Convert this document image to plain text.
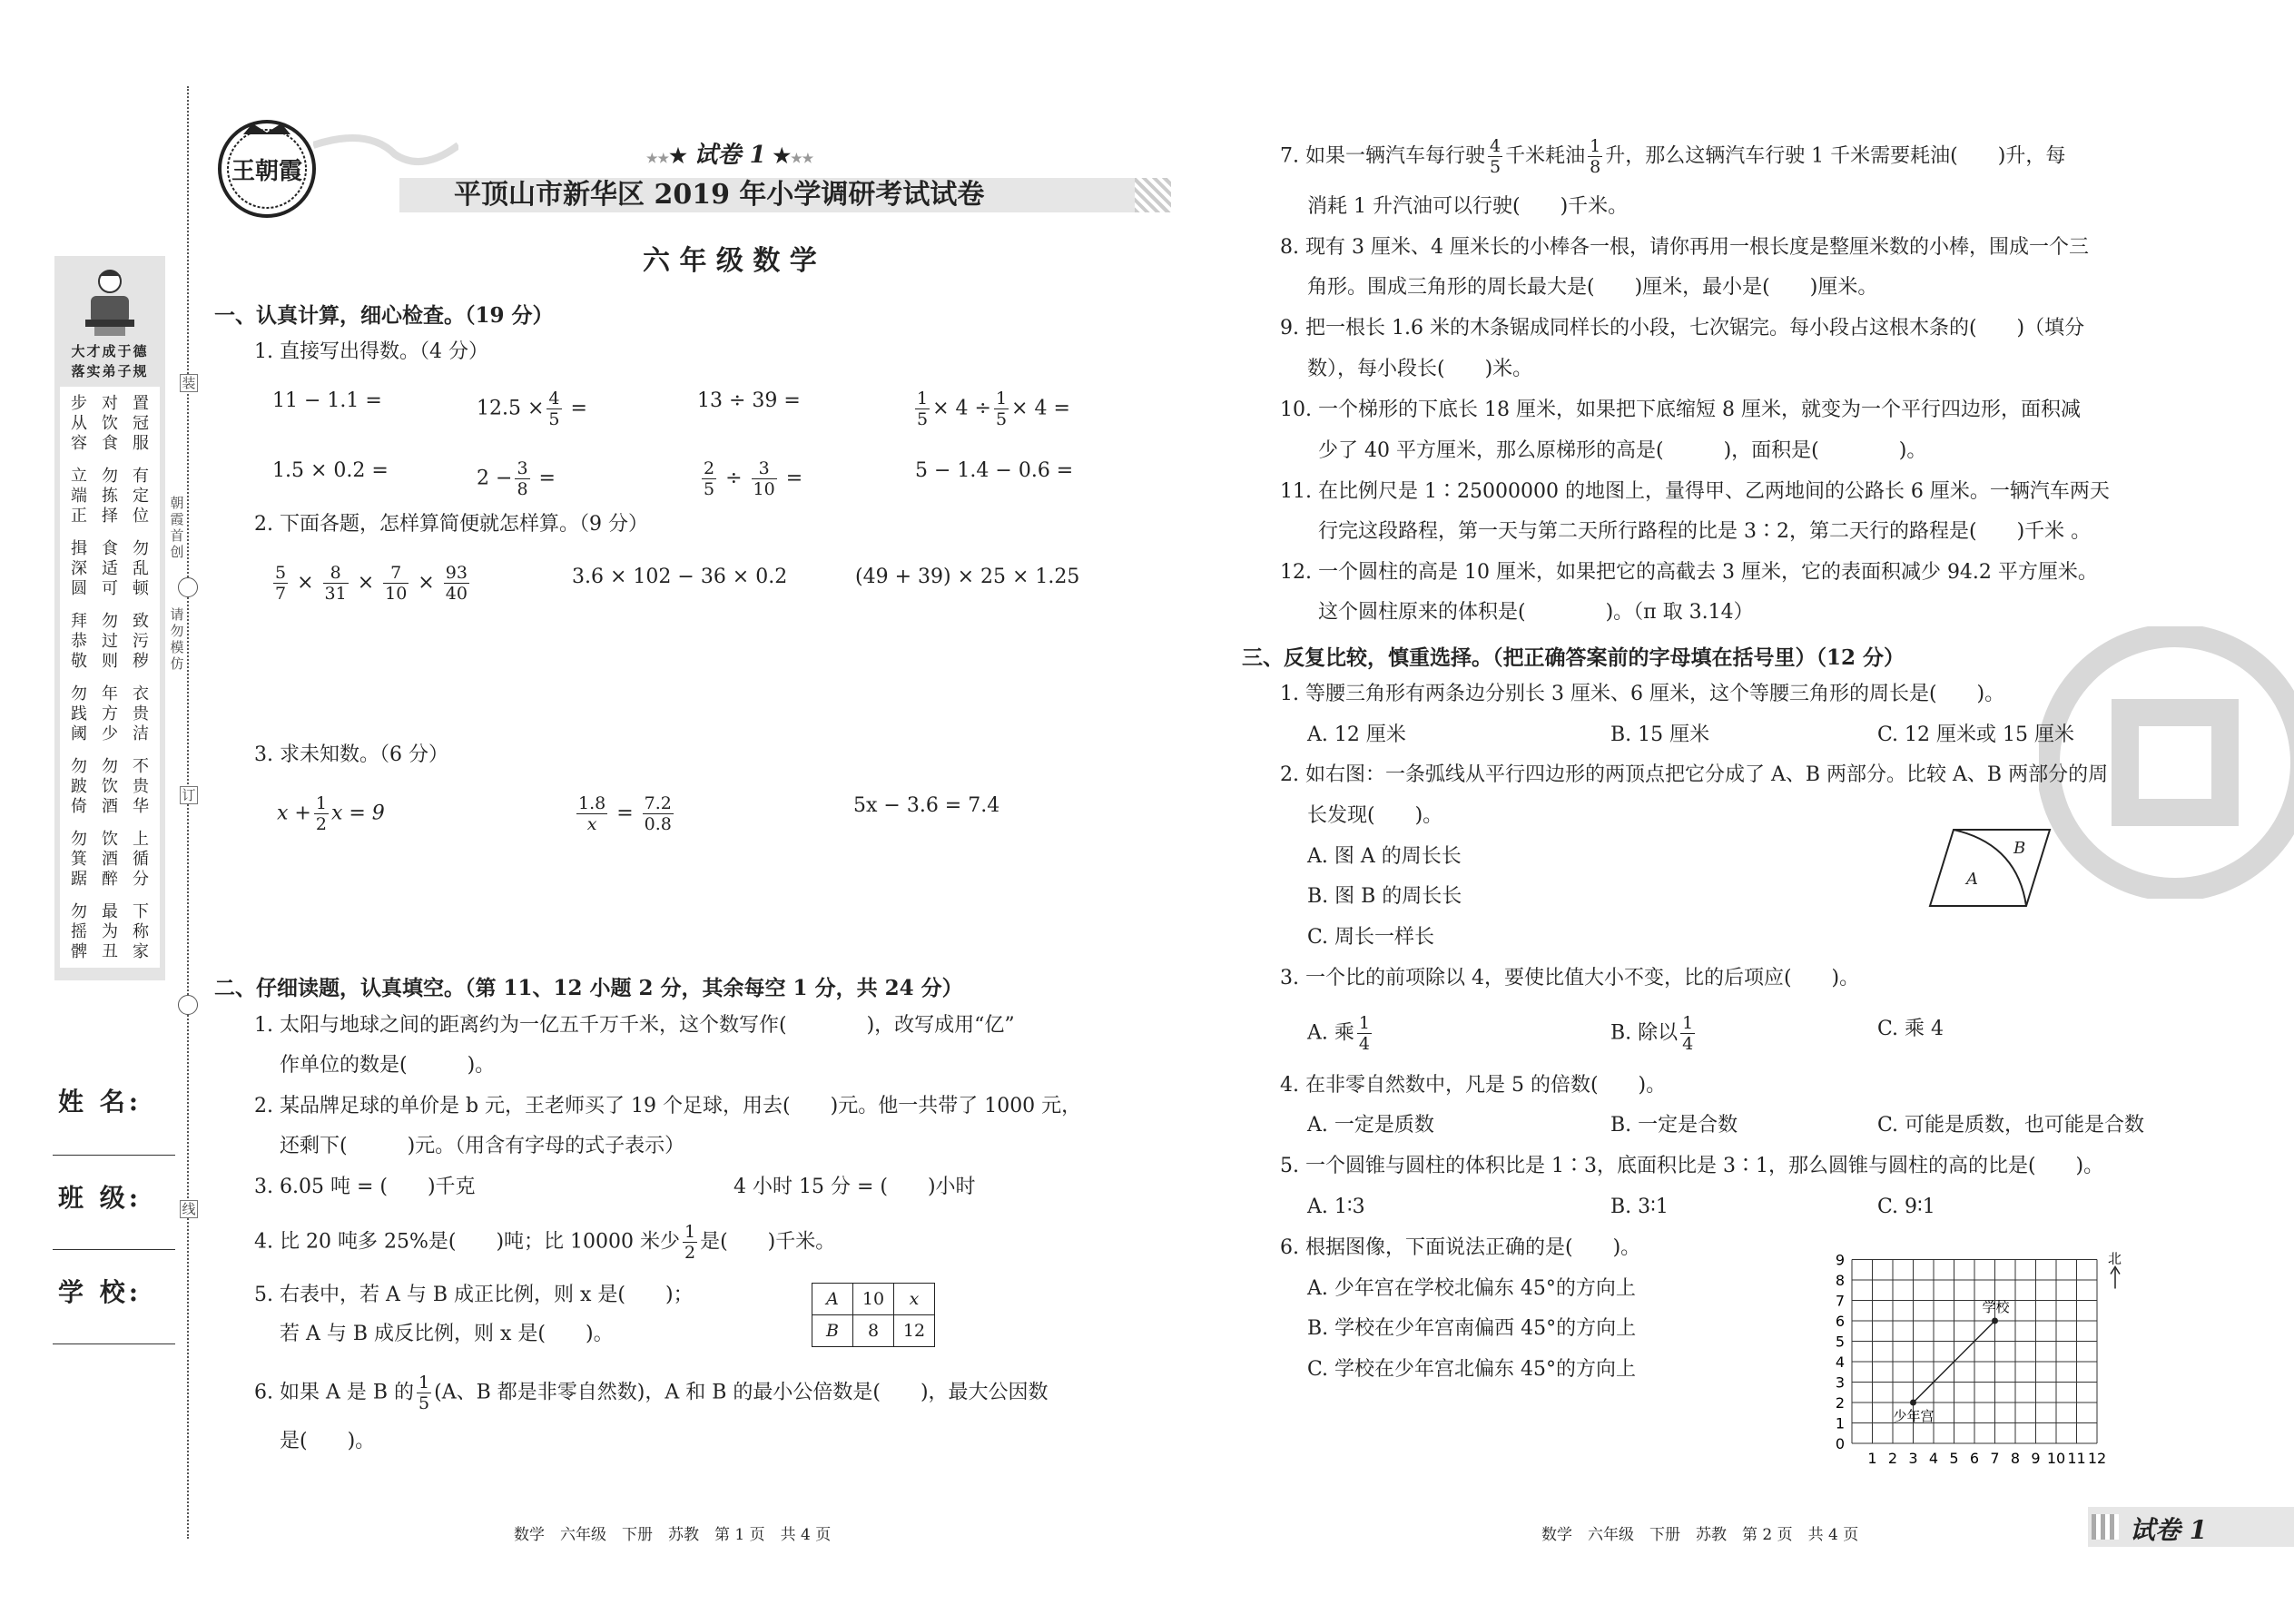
大才成于德
落实弟子规
步从容
立端正
揖深圆
拜恭敬
勿践阈
勿跛倚
勿箕踞
勿摇髀
对饮食
勿拣择
食适可
勿过则
年方少
勿饮酒
饮酒醉
最为丑
置冠服
有定位
勿乱顿
致污秽
衣贵洁
不贵华
上循分
下称家
装
朝霞首创
请勿模仿
订
线
姓 名:
班 级:
学 校:
王朝霞	★★★ 试卷 1 ★★★
平顶山市新华区 2019 年小学调研考试试卷
六 年 级 数 学
一、认真计算，细心检查。（19 分）
1. 直接写出得数。（4 分）
11 − 1.1 =	$12.5 \times \frac{4}{5}$ =	13 ÷ 39 =	$\frac{1}{5} \times 4 \div \frac{1}{5} \times 4$ =
1.5 × 0.2 =	$2 - \frac{3}{8}$ =	$\frac{2}{5} \div \frac{3}{10}$ =	5 − 1.4 − 0.6 =
2. 下面各题，怎样算简便就怎样算。（9 分）
$\frac{5}{7} \times \frac{8}{31} \times \frac{7}{10} \times \frac{93}{40}$	3.6 × 102 − 36 × 0.2	(49 + 39) × 25 × 1.25
3. 求未知数。（6 分）
$x + \frac{1}{2}$ x = 9	$\frac{1.8}{x} = \frac{7.2}{0.8}$	5x − 3.6 = 7.4
二、仔细读题，认真填空。（第 11、12 小题 2 分，其余每空 1 分，共 24 分）
1. 太阳与地球之间的距离约为一亿五千万千米，这个数写作(　　　　)，改写成用“亿”
作单位的数是(　　　)。
2. 某品牌足球的单价是 b 元，王老师买了 19 个足球，用去(　　)元。他一共带了 1000 元，
还剩下(　　　)元。（用含有字母的式子表示）
3. 6.05 吨 = (　　)千克	4 小时 15 分 = (　　)小时
4. 比 20 吨多 25%是(　　)吨；比 10000 米少 $\frac{1}{2}$ 是(　　)千米。
5. 右表中，若 A 与 B 成正比例，则 x 是(　　)；
若 A 与 B 成反比例，则 x 是(　　)。
A	10	x
B	8	12
6. 如果 A 是 B 的 $\frac{1}{5} (A$、B 都是非零自然数)，A 和 B 的最小公倍数是(　　)，最大公因数
是(　　)。
数学　六年级　下册　苏教　第 1 页　共 4 页
7. 如果一辆汽车每行驶 $\frac{4}{5}$ 千米耗油 $\frac{1}{8}$ 升，那么这辆汽车行驶 1 千米需要耗油(　　)升，每
消耗 1 升汽油可以行驶(　　)千米。
8. 现有 3 厘米、4 厘米长的小棒各一根，请你再用一根长度是整厘米数的小棒，围成一个三
角形。围成三角形的周长最大是(　　)厘米，最小是(　　)厘米。
9. 把一根长 1.6 米的木条锯成同样长的小段，七次锯完。每小段占这根木条的(　　)（填分
数），每小段长(　　)米。
10. 一个梯形的下底长 18 厘米，如果把下底缩短 8 厘米，就变为一个平行四边形，面积减
少了 40 平方厘米，那么原梯形的高是(　　　)，面积是(　　　　)。
11. 在比例尺是 1∶25000000 的地图上，量得甲、乙两地间的公路长 6 厘米。一辆汽车两天
行完这段路程，第一天与第二天所行路程的比是 3∶2，第二天行的路程是(　　)千米 。
12. 一个圆柱的高是 10 厘米，如果把它的高截去 3 厘米，它的表面积减少 94.2 平方厘米。
这个圆柱原来的体积是(　　　　)。（π 取 3.14）
三、反复比较，慎重选择。（把正确答案前的字母填在括号里）（12 分）
1. 等腰三角形有两条边分别长 3 厘米、6 厘米，这个等腰三角形的周长是(　　)。
A. 12 厘米	B. 15 厘米	C. 12 厘米或 15 厘米
2. 如右图：一条弧线从平行四边形的两顶点把它分成了 A、B 两部分。比较 A、B 两部分的周
长发现(　　)。
A. 图 A 的周长长
B. 图 B 的周长长
C. 周长一样长
A
B
3. 一个比的前项除以 4，要使比值大小不变，比的后项应(　　)。
A. 乘 $\frac{1}{4}$	B. 除以 $\frac{1}{4}$	C. 乘 4
4. 在非零自然数中，凡是 5 的倍数(　　)。
A. 一定是质数	B. 一定是合数	C. 可能是质数，也可能是合数
5. 一个圆锥与圆柱的体积比是 1∶3，底面积比是 3∶1，那么圆锥与圆柱的高的比是(　　)。
A. 1∶3	B. 3∶1	C. 9∶1
6. 根据图像，下面说法正确的是(　　)。
A. 少年宫在学校北偏东 45°的方向上
B. 学校在少年宫南偏西 45°的方向上
C. 学校在少年宫北偏东 45°的方向上
1 2 3 4 5 6 7 8 9 10 11 12
0
1
2
3
4
5
6
7
8
9
学校
少年宫
北
数学　六年级　下册　苏教　第 2 页　共 4 页	试卷 1
